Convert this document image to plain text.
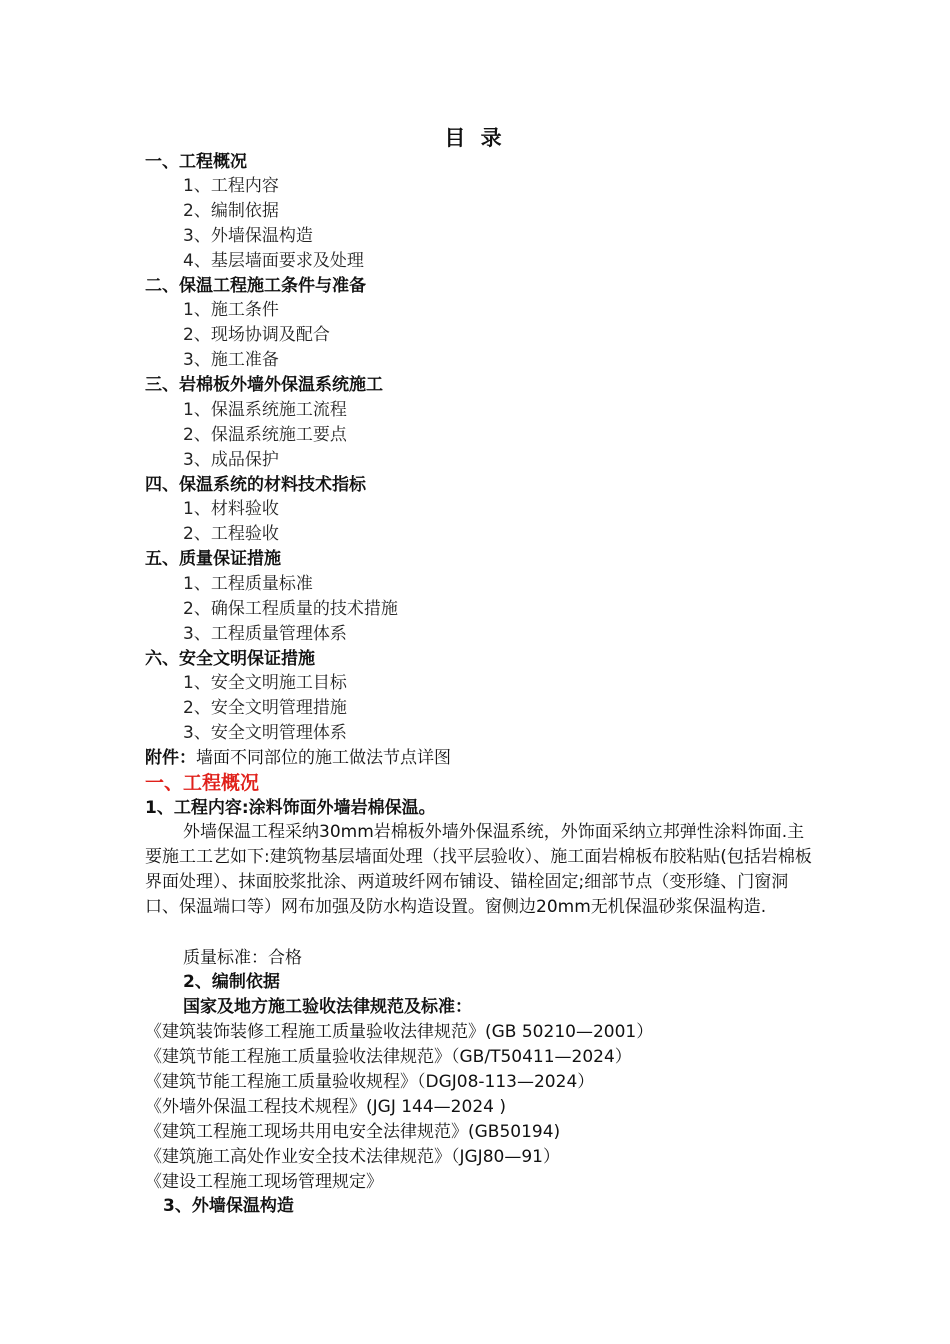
目 录
一、工程概况
1、工程内容
2、编制依据
3、外墙保温构造
4、基层墙面要求及处理
二、保温工程施工条件与准备
1、施工条件
2、现场协调及配合
3、施工准备
三、岩棉板外墙外保温系统施工
1、保温系统施工流程
2、保温系统施工要点
3、成品保护
四、保温系统的材料技术指标
1、材料验收
2、工程验收
五、质量保证措施
1、工程质量标准
2、确保工程质量的技术措施
3、工程质量管理体系
六、安全文明保证措施
1、安全文明施工目标
2、安全文明管理措施
3、安全文明管理体系
附件：墙面不同部位的施工做法节点详图
一、工程概况
1、工程内容:涂料饰面外墙岩棉保温。
外墙保温工程采纳30mm岩棉板外墙外保温系统，外饰面采纳立邦弹性涂料饰面.主要施工工艺如下:建筑物基层墙面处理（找平层验收）、施工面岩棉板布胶粘贴(包括岩棉板界面处理）、抹面胶浆批涂、两道玻纤网布铺设、锚栓固定;细部节点（变形缝、门窗洞口、保温端口等）网布加强及防水构造设置。窗侧边20mm无机保温砂浆保温构造.
质量标准：合格
2、编制依据
国家及地方施工验收法律规范及标准：
《建筑装饰装修工程施工质量验收法律规范》(GB 50210—2001）
《建筑节能工程施工质量验收法律规范》（GB/T50411—2024）
《建筑节能工程施工质量验收规程》（DGJ08-113—2024）
《外墙外保温工程技术规程》(JGJ 144—2024 )
《建筑工程施工现场共用电安全法律规范》(GB50194)
《建筑施工高处作业安全技术法律规范》（JGJ80—91）
《建设工程施工现场管理规定》
3、外墙保温构造
